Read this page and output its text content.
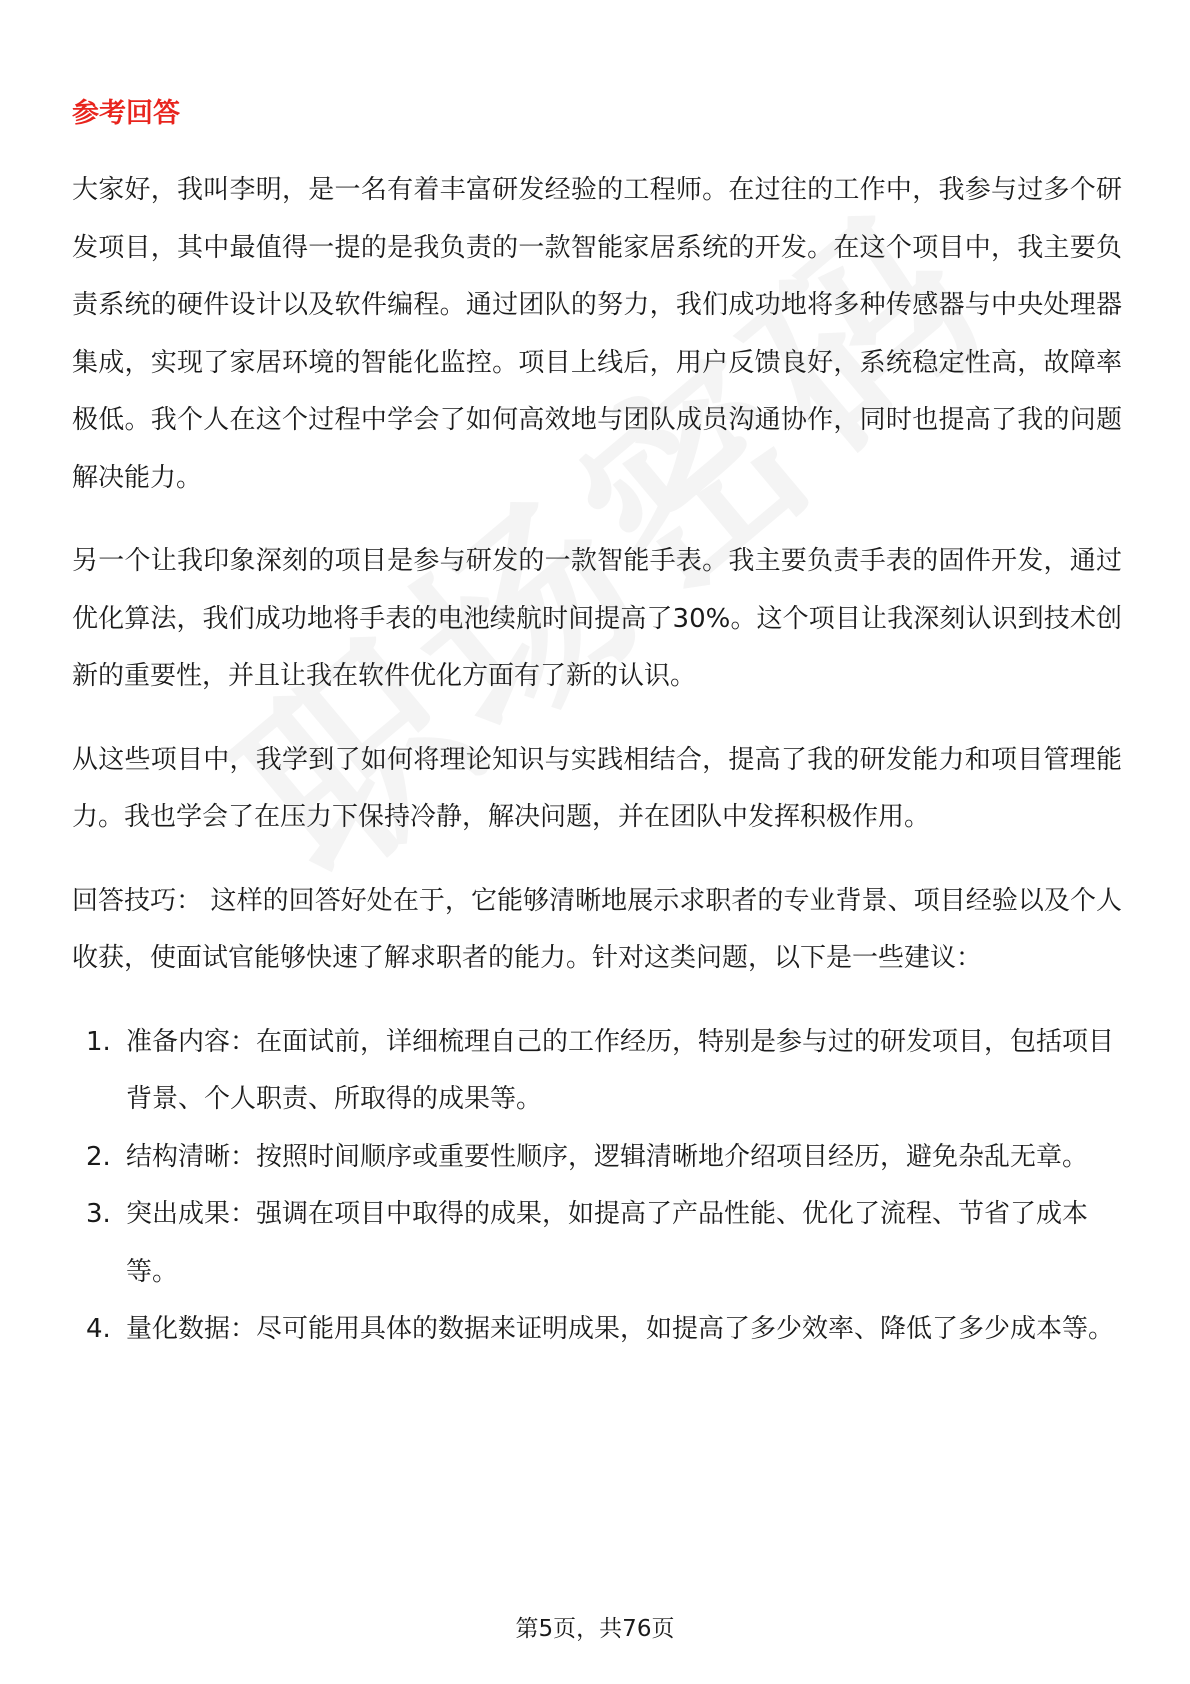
参考回答

大家好，我叫李明，是一名有着丰富研发经验的工程师。在过往的工作中，我参与过多个研发项目，其中最值得一提的是我负责的一款智能家居系统的开发。在这个项目中，我主要负责系统的硬件设计以及软件编程。通过团队的努力，我们成功地将多种传感器与中央处理器集成，实现了家居环境的智能化监控。项目上线后，用户反馈良好，系统稳定性高，故障率极低。我个人在这个过程中学会了如何高效地与团队成员沟通协作，同时也提高了我的问题解决能力。

另一个让我印象深刻的项目是参与研发的一款智能手表。我主要负责手表的固件开发，通过优化算法，我们成功地将手表的电池续航时间提高了30%。这个项目让我深刻认识到技术创新的重要性，并且让我在软件优化方面有了新的认识。

从这些项目中，我学到了如何将理论知识与实践相结合，提高了我的研发能力和项目管理能力。我也学会了在压力下保持冷静，解决问题，并在团队中发挥积极作用。

回答技巧： 这样的回答好处在于，它能够清晰地展示求职者的专业背景、项目经验以及个人收获，使面试官能够快速了解求职者的能力。针对这类问题，以下是一些建议：

1. 准备内容：在面试前，详细梳理自己的工作经历，特别是参与过的研发项目，包括项目背景、个人职责、所取得的成果等。
2. 结构清晰：按照时间顺序或重要性顺序，逻辑清晰地介绍项目经历，避免杂乱无章。
3. 突出成果：强调在项目中取得的成果，如提高了产品性能、优化了流程、节省了成本等。
4. 量化数据：尽可能用具体的数据来证明成果，如提高了多少效率、降低了多少成本等。
第5页，共76页
